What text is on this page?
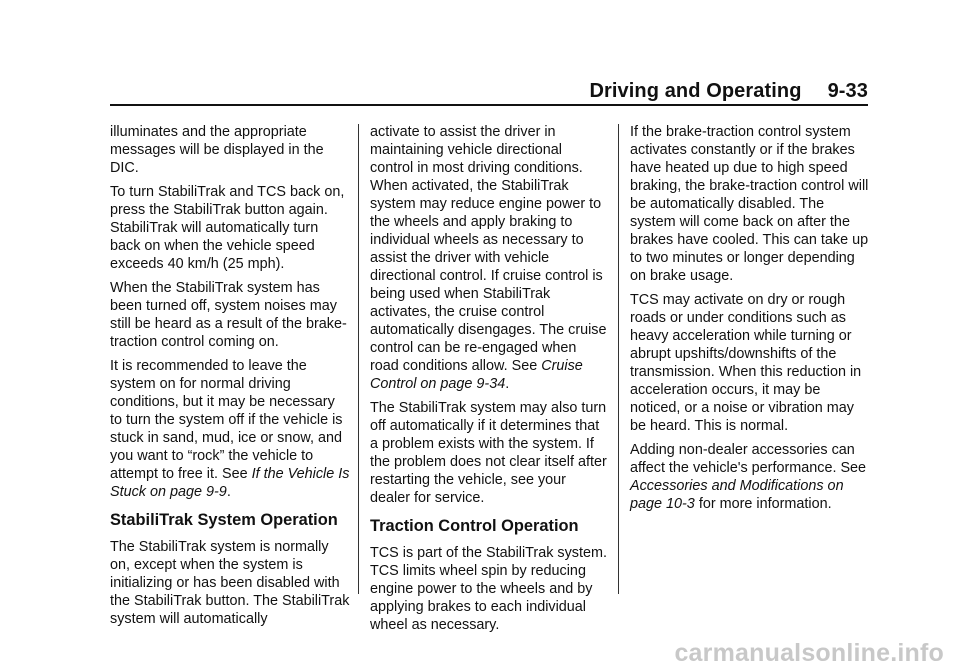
Driving and Operating 9-33

illuminates and the appropriate messages will be displayed in the DIC.

To turn StabiliTrak and TCS back on, press the StabiliTrak button again. StabiliTrak will automatically turn back on when the vehicle speed exceeds 40 km/h (25 mph).

When the StabiliTrak system has been turned off, system noises may still be heard as a result of the brake-traction control coming on.

It is recommended to leave the system on for normal driving conditions, but it may be necessary to turn the system off if the vehicle is stuck in sand, mud, ice or snow, and you want to “rock” the vehicle to attempt to free it. See If the Vehicle Is Stuck on page 9-9.

StabiliTrak System Operation

The StabiliTrak system is normally on, except when the system is initializing or has been disabled with the StabiliTrak button. The StabiliTrak system will automatically

activate to assist the driver in maintaining vehicle directional control in most driving conditions. When activated, the StabiliTrak system may reduce engine power to the wheels and apply braking to individual wheels as necessary to assist the driver with vehicle directional control. If cruise control is being used when StabiliTrak activates, the cruise control automatically disengages. The cruise control can be re-engaged when road conditions allow. See Cruise Control on page 9-34.

The StabiliTrak system may also turn off automatically if it determines that a problem exists with the system. If the problem does not clear itself after restarting the vehicle, see your dealer for service.

Traction Control Operation

TCS is part of the StabiliTrak system. TCS limits wheel spin by reducing engine power to the wheels and by applying brakes to each individual wheel as necessary.

If the brake-traction control system activates constantly or if the brakes have heated up due to high speed braking, the brake-traction control will be automatically disabled. The system will come back on after the brakes have cooled. This can take up to two minutes or longer depending on brake usage.

TCS may activate on dry or rough roads or under conditions such as heavy acceleration while turning or abrupt upshifts/downshifts of the transmission. When this reduction in acceleration occurs, it may be noticed, or a noise or vibration may be heard. This is normal.

Adding non-dealer accessories can affect the vehicle's performance. See Accessories and Modifications on page 10-3 for more information.

carmanualsonline.info
